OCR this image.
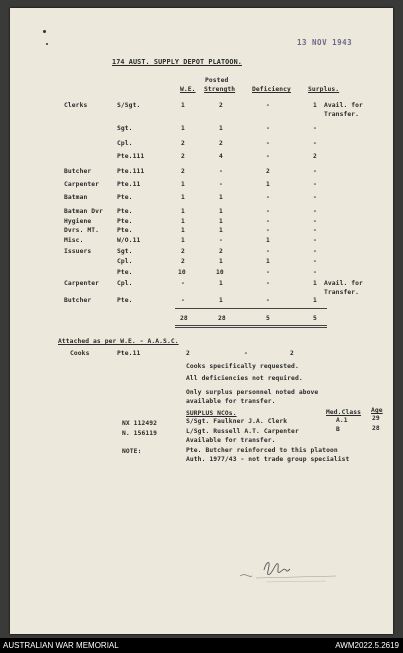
13 NOV 1943
174 AUST. SUPPLY DEPOT PLATOON.
Posted
W.E. Strength	Deficiency	Surplus.
Clerks	S/Sgt.	1	2	-	1 Avail. for
Transfer.
Sgt.	1	1	-	-
Cpl.	2	2	-	-
Pte.111	2	4	-	2
Butcher	Pte.111	2	-	2	-
Carpenter	Pte.11	1	-	1	-
Batman	Pte.	1	1	-	-
Batman Dvr Pte.	1	1	-	-
Hygiene	Pte.	1	1	-	-
Dvrs. MT.	Pte.	1	1	-	-
Misc.	W/O.11	1	-	1	-
Issuers	Sgt.	2	2	-	-
Cpl.	2	1	1	-
Pte.	10	10	-	-
Carpenter	Cpl.	-	1	-	1 Avail. for
Transfer.
Butcher	Pte.	-	1	-	1
28	28	5	5
Attached as per W.E. - A.A.S.C.
Cooks	Pte.11	2	-	2
Cooks specifically requested.
All deficiencies not required.
Only surplus personnel noted above
available for transfer.
SURPLUS NCOs.	Med.Class Age
NX 112492	S/Sgt. Faulkner J.A. Clerk	A.1	29
N. 156119	L/Sgt. Russell A.T. Carpenter	B	28
Available for transfer.
NOTE:	Pte. Butcher reinforced to this platoon
Auth. 1977/43 - not trade group specialist
AUSTRALIAN WAR MEMORIAL	AWM2022.5.2619
